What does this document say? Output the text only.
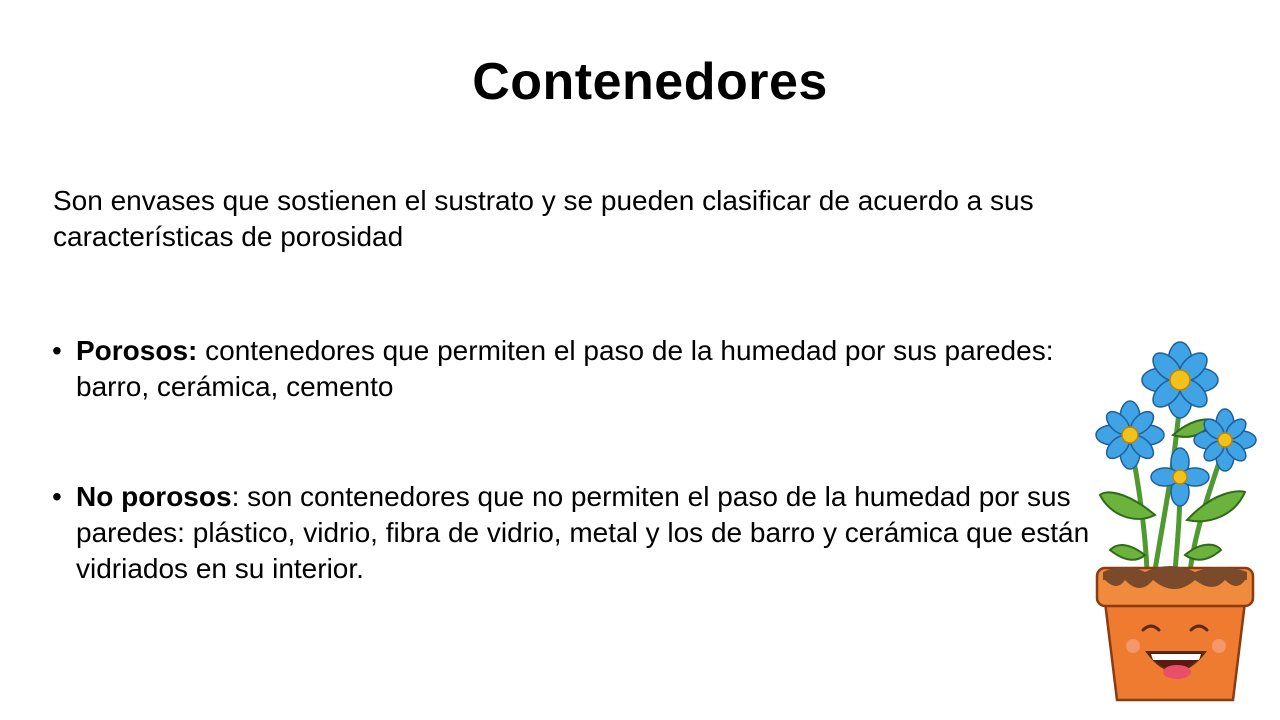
Contenedores
Son envases que sostienen el sustrato y se pueden clasificar de acuerdo a sus características de porosidad
• Porosos: contenedores que permiten el paso de la humedad por sus paredes: barro, cerámica, cemento
• No porosos: son contenedores que no permiten el paso de la humedad por sus paredes: plástico, vidrio, fibra de vidrio, metal y los de barro y cerámica que están vidriados en su interior.
